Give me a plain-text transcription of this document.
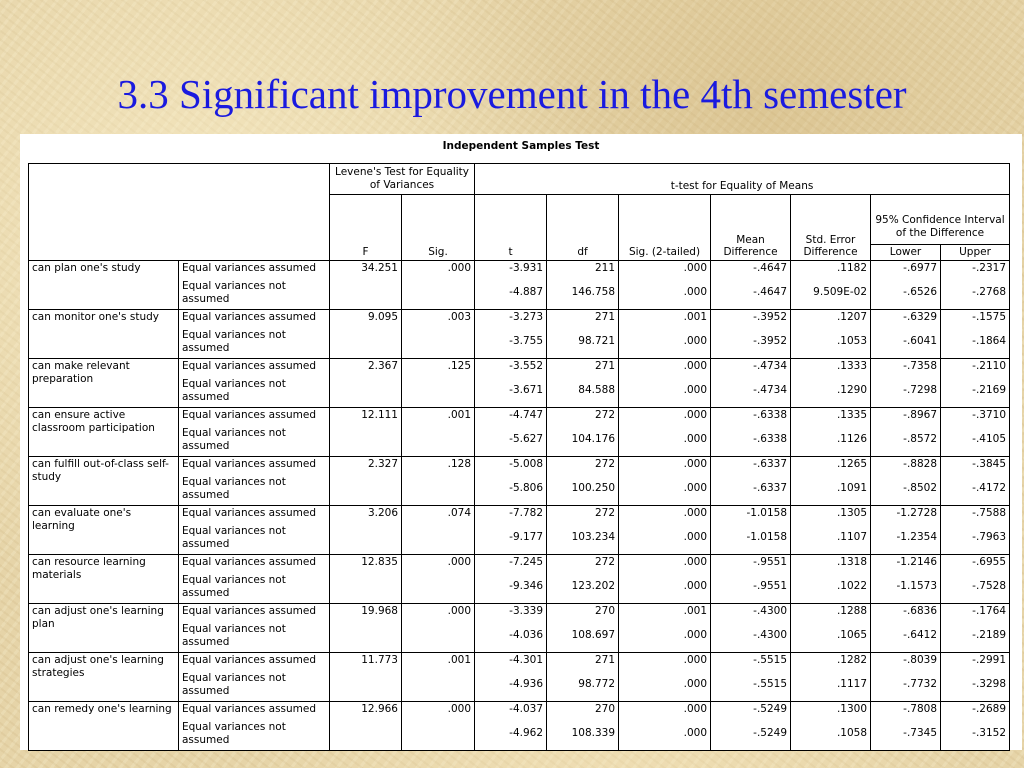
3.3 Significant improvement in the 4th semester
Independent Samples Test
		Levene's Test for Equality of Variances		t-test for Equality of Means						
		F	Sig.	t	df	Sig. (2-tailed)	Mean Difference	Std. Error Difference	95% Confidence Interval of the Difference
Lower Upper	

can plan one's study	Equal variances assumed	34.251	.000	-3.931	211	.000	-.4647	.1182	-.6977	-.2317
	Equal variances not assumed			-4.887	146.758	.000	-.4647	9.509E-02	-.6526	-.2768
can monitor one's study	Equal variances assumed	9.095	.003	-3.273	271	.001	-.3952	.1207	-.6329	-.1575
	Equal variances not assumed			-3.755	98.721	.000	-.3952	.1053	-.6041	-.1864
can make relevant preparation	Equal variances assumed	2.367	.125	-3.552	271	.000	-.4734	.1333	-.7358	-.2110
	Equal variances not assumed			-3.671	84.588	.000	-.4734	.1290	-.7298	-.2169
can ensure active classroom participation	Equal variances assumed	12.111	.001	-4.747	272	.000	-.6338	.1335	-.8967	-.3710
	Equal variances not assumed			-5.627	104.176	.000	-.6338	.1126	-.8572	-.4105
can fulfill out-of-class self-study	Equal variances assumed	2.327	.128	-5.008	272	.000	-.6337	.1265	-.8828	-.3845
	Equal variances not assumed			-5.806	100.250	.000	-.6337	.1091	-.8502	-.4172
can evaluate one's learning	Equal variances assumed	3.206	.074	-7.782	272	.000	-1.0158	.1305	-1.2728	-.7588
	Equal variances not assumed			-9.177	103.234	.000	-1.0158	.1107	-1.2354	-.7963
can resource learning materials	Equal variances assumed	12.835	.000	-7.245	272	.000	-.9551	.1318	-1.2146	-.6955
	Equal variances not assumed			-9.346	123.202	.000	-.9551	.1022	-1.1573	-.7528
can adjust one's learning plan	Equal variances assumed	19.968	.000	-3.339	270	.001	-.4300	.1288	-.6836	-.1764
	Equal variances not assumed			-4.036	108.697	.000	-.4300	.1065	-.6412	-.2189
can adjust one's learning strategies	Equal variances assumed	11.773	.001	-4.301	271	.000	-.5515	.1282	-.8039	-.2991
	Equal variances not assumed			-4.936	98.772	.000	-.5515	.1117	-.7732	-.3298
can remedy one's learning	Equal variances assumed	12.966	.000	-4.037	270	.000	-.5249	.1300	-.7808	-.2689
	Equal variances not assumed			-4.962	108.339	.000	-.5249	.1058	-.7345	-.3152
